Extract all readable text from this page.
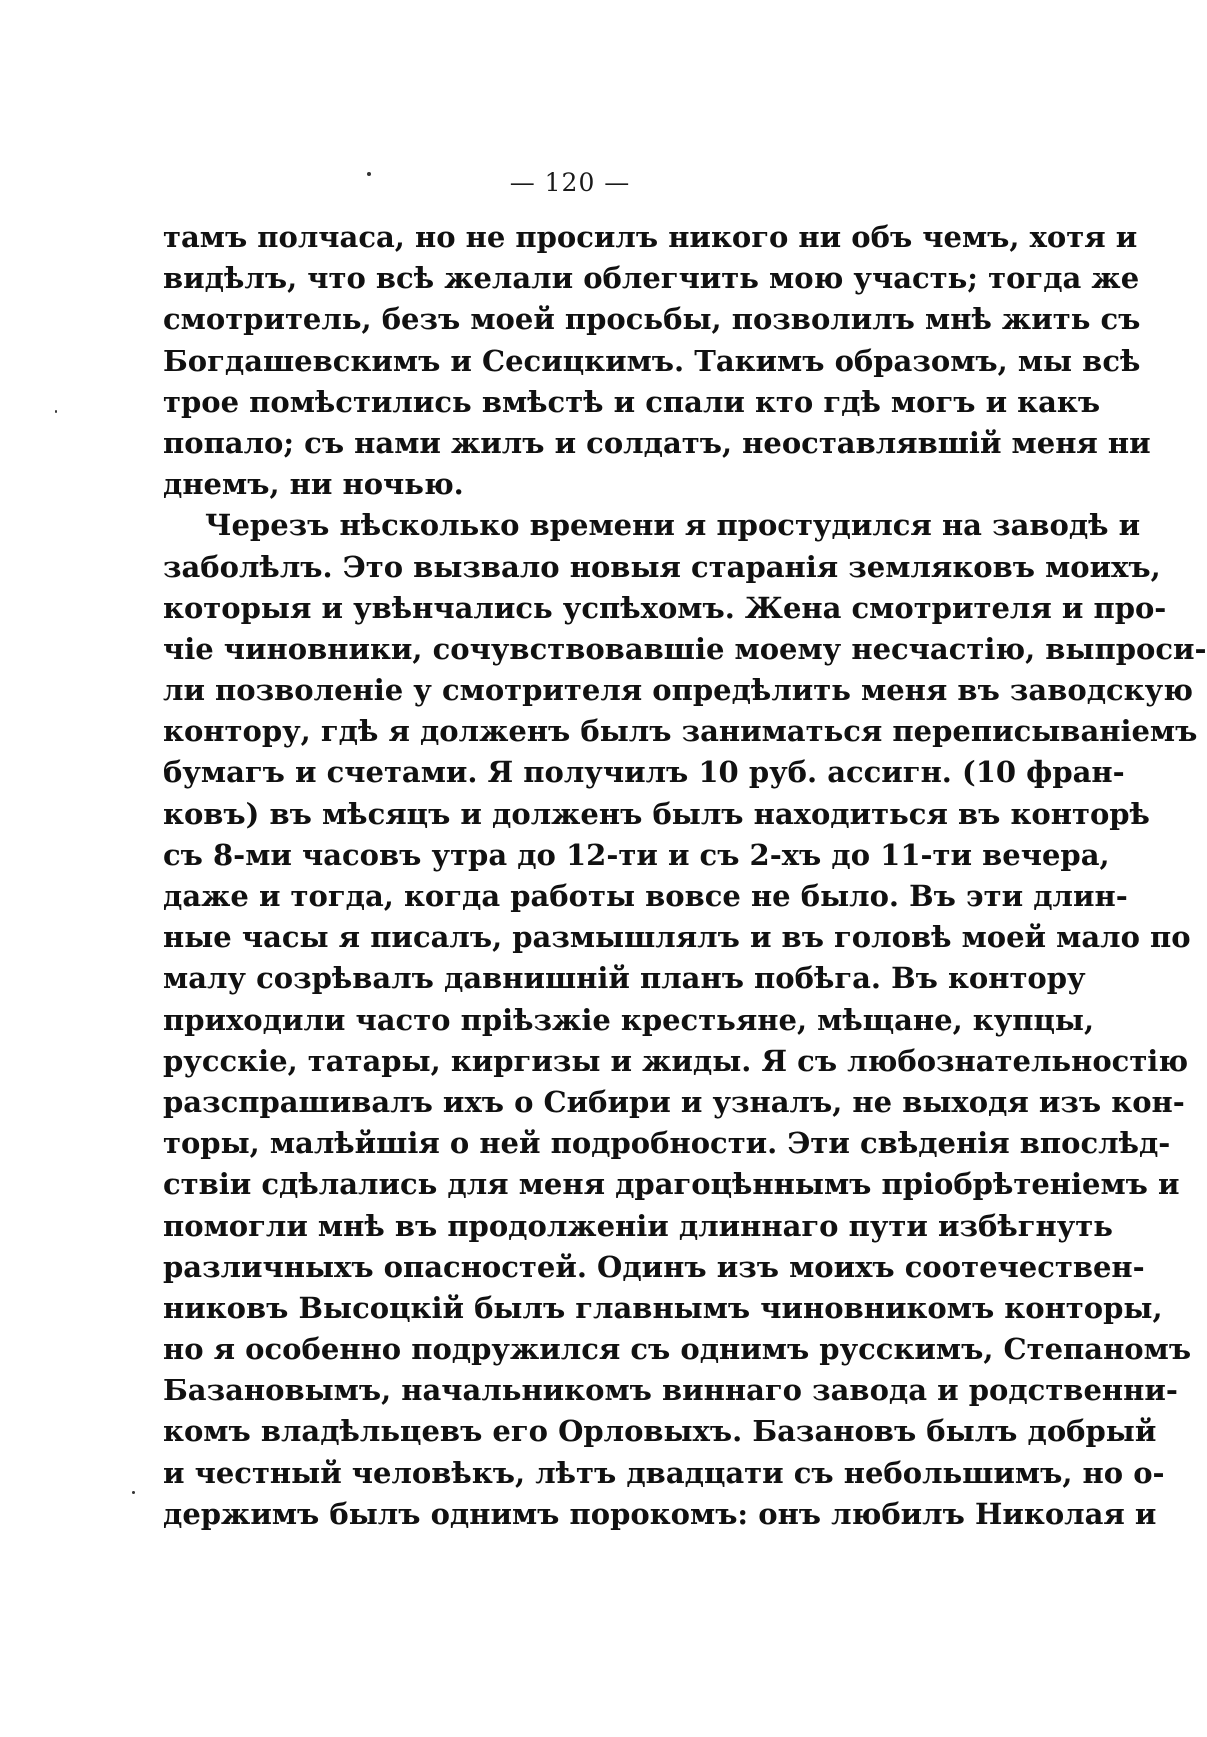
— 120 —
тамъ полчаса, но не просилъ никого ни объ чемъ, хотя и
видѣлъ, что всѣ желали облегчить мою участь; тогда же
смотритель, безъ моей просьбы, позволилъ мнѣ жить съ
Богдашевскимъ и Сесицкимъ. Такимъ образомъ, мы всѣ
трое помѣстились вмѣстѣ и спали кто гдѣ могъ и какъ
попало; съ нами жилъ и солдатъ, неоставлявшій меня ни
днемъ, ни ночью.
Черезъ нѣсколько времени я простудился на заводѣ и
заболѣлъ. Это вызвало новыя старанія земляковъ моихъ,
которыя и увѣнчались успѣхомъ. Жена смотрителя и про-
чіе чиновники, сочувствовавшіе моему несчастію, выпроси-
ли позволеніе у смотрителя опредѣлить меня въ заводскую
контору, гдѣ я долженъ былъ заниматься переписываніемъ
бумагъ и счетами. Я получилъ 10 руб. ассигн. (10 фран-
ковъ) въ мѣсяцъ и долженъ былъ находиться въ конторѣ
съ 8-ми часовъ утра до 12-ти и съ 2-хъ до 11-ти вечера,
даже и тогда, когда работы вовсе не было. Въ эти длин-
ные часы я писалъ, размышлялъ и въ головѣ моей мало по
малу созрѣвалъ давнишній планъ побѣга. Въ контору
приходили часто пріѣзжіе крестьяне, мѣщане, купцы,
русскіе, татары, киргизы и жиды. Я съ любознательностію
разспрашивалъ ихъ о Сибири и узналъ, не выходя изъ кон-
торы, малѣйшія о ней подробности. Эти свѣденія впослѣд-
ствіи сдѣлались для меня драгоцѣннымъ пріобрѣтеніемъ и
помогли мнѣ въ продолженіи длиннаго пути избѣгнуть
различныхъ опасностей. Одинъ изъ моихъ соотечествен-
никовъ Высоцкій былъ главнымъ чиновникомъ конторы,
но я особенно подружился съ однимъ русскимъ, Степаномъ
Базановымъ, начальникомъ виннаго завода и родственни-
комъ владѣльцевъ его Орловыхъ. Базановъ былъ добрый
и честный человѣкъ, лѣтъ двадцати съ небольшимъ, но о-
держимъ былъ однимъ порокомъ: онъ любилъ Николая и
